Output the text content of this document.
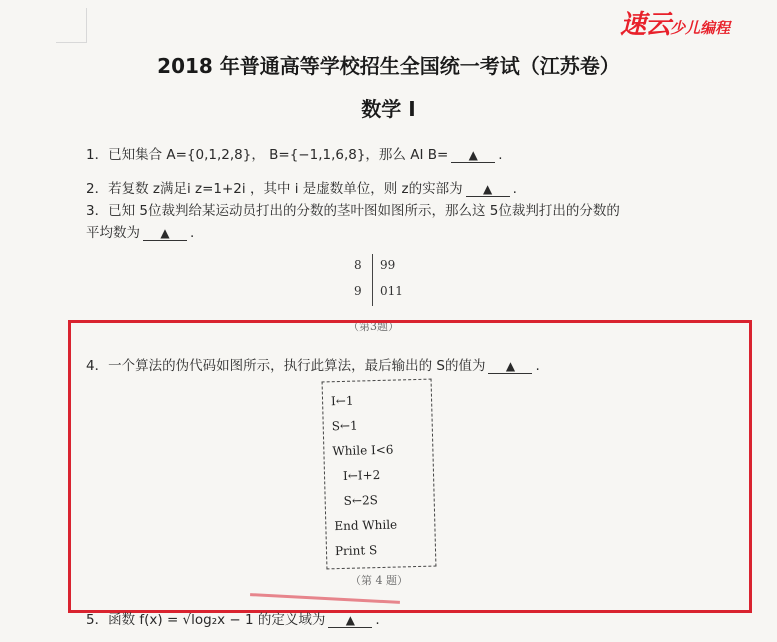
速云少儿编程
2018 年普通高等学校招生全国统一考试（江苏卷）
数学 I
1．已知集合 A={0,1,2,8}， B={−1,1,6,8}，那么 AI B= ▲ .
2．若复数 z满足i z=1+2i ，其中 i 是虚数单位，则 z的实部为 ▲ .
3．已知 5位裁判给某运动员打出的分数的茎叶图如图所示，那么这 5位裁判打出的分数的
平均数为 ▲ .
8 99
9 011
（第3题）
4．一个算法的伪代码如图所示，执行此算法，最后输出的 S的值为 ▲ .
I←1
S←1
While I<6
I←I+2
S←2S
End While
Print S
（第 4 题）
5．函数 f(x) = √log₂x − 1 的定义域为 ▲ .
